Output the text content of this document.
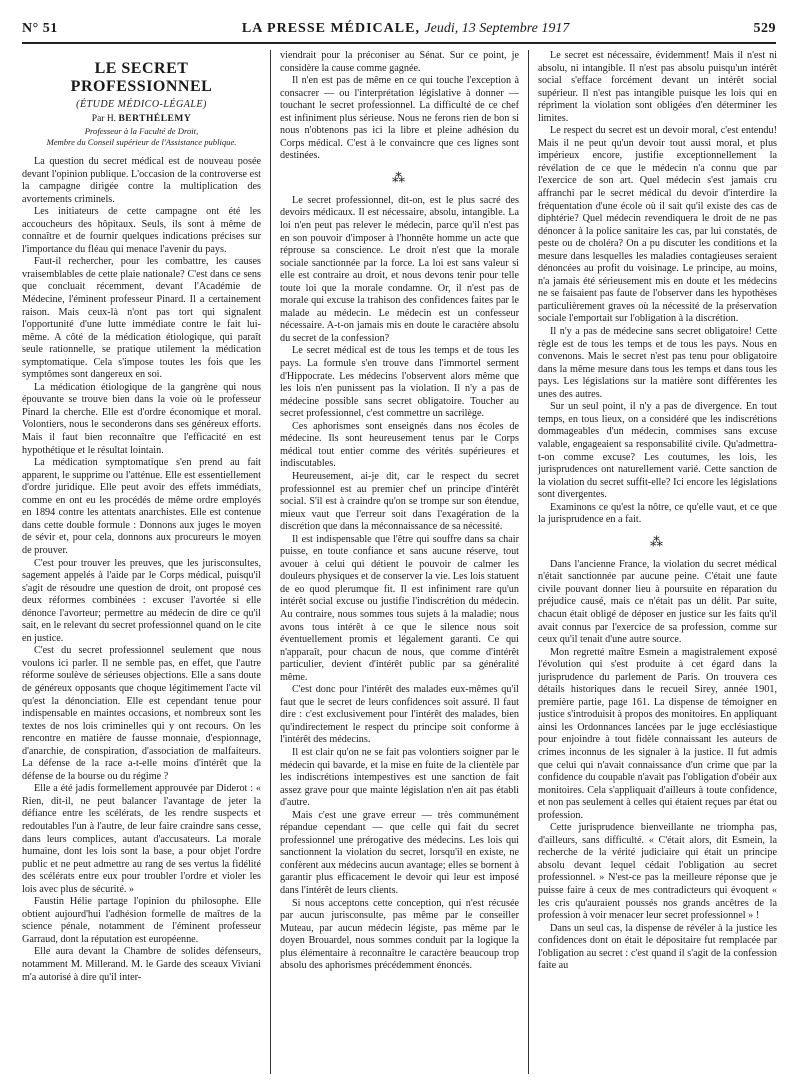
N° 51	LA PRESSE MÉDICALE, Jeudi, 13 Septembre 1917	529
LE SECRET PROFESSIONNEL
(ÉTUDE MÉDICO-LÉGALE)
Par H. BERTHÉLEMY

Professeur à la Faculté de Droit,

Membre du Conseil supérieur de l'Assistance publique.

La question du secret médical est de nouveau posée devant l'opinion publique. L'occasion de la controverse est la campagne dirigée contre la multiplication des avortements criminels.

Les initiateurs de cette campagne ont été les accoucheurs des hôpitaux. Seuls, ils sont à même de connaître et de fournir quelques indications précises sur l'importance du fléau qui menace l'avenir du pays.

Faut-il rechercher, pour les combattre, les causes vraisemblables de cette plaie nationale? C'est dans ce sens que concluait récemment, devant l'Académie de Médecine, l'éminent professeur Pinard. Il a certainement raison. Mais ceux-là n'ont pas tort qui signalent l'opportunité d'une lutte immédiate contre le fait lui-même. A côté de la médication étiologique, qui paraît seule rationnelle, se pratique utilement la médication symptomatique. Cela s'impose toutes les fois que les symptômes sont dangereux en soi.

La médication étiologique de la gangrène qui nous épouvante se trouve bien dans la voie où le professeur Pinard la cherche. Elle est d'ordre économique et moral. Volontiers, nous le seconderons dans ses généreux efforts. Mais il faut bien reconnaître que l'efficacité en est hypothétique et le résultat lointain.

La médication symptomatique s'en prend au fait apparent, le supprime ou l'atténue. Elle est essentiellement d'ordre juridique. Elle peut avoir des effets immédiats, comme en ont eu les procédés de même ordre employés en 1894 contre les attentats anarchistes. Elle est contenue dans cette double formule : Donnons aux juges le moyen de sévir et, pour cela, donnons aux procureurs le moyen de prouver.

C'est pour trouver les preuves, que les jurisconsultes, sagement appelés à l'aide par le Corps médical, puisqu'il s'agit de résoudre une question de droit, ont proposé ces deux réformes combinées : excuser l'avortée si elle dénonce l'avorteur; permettre au médecin de dire ce qu'il sait, en le relevant du secret professionnel quand on le cite en justice.

C'est du secret professionnel seulement que nous voulons ici parler. Il ne semble pas, en effet, que l'autre réforme soulève de sérieuses objections. Elle a sans doute de généreux opposants que choque légitimement l'acte vil qu'est la dénonciation. Elle est cependant tenue pour indispensable en maintes occasions, et nombreux sont les textes de nos lois criminelles qui y ont recours. On les rencontre en matière de fausse monnaie, d'espionnage, d'anarchie, de conspiration, d'association de malfaiteurs. La défense de la race a-t-elle moins d'intérêt que la défense de la bourse ou du régime ?

Elle a été jadis formellement approuvée par Diderot : « Rien, dit-il, ne peut balancer l'avantage de jeter la défiance entre les scélérats, de les rendre suspects et redoutables l'un à l'autre, de leur faire craindre sans cesse, dans leurs complices, autant d'accusateurs. La morale humaine, dont les lois sont la base, a pour objet l'ordre public et ne peut admettre au rang de ses vertus la fidélité des scélérats entre eux pour troubler l'ordre et violer les lois avec plus de sécurité. »

Faustin Hélie partage l'opinion du philosophe. Elle obtient aujourd'hui l'adhésion formelle de maîtres de la science pénale, notamment de l'éminent professeur Garraud, dont la réputation est européenne.

Elle aura devant la Chambre de solides défenseurs, notamment M. Millerand. M. le Garde des sceaux Viviani m'a autorisé à dire qu'il inter-

viendrait pour la préconiser au Sénat. Sur ce point, je considère la cause comme gagnée.

Il n'en est pas de même en ce qui touche l'exception à consacrer — ou l'interprétation législative à donner — touchant le secret professionnel. La difficulté de ce chef est infiniment plus sérieuse. Nous ne ferons rien de bon si nous n'obtenons pas ici la libre et pleine adhésion du Corps médical. C'est à le convaincre que ces lignes sont destinées.

⁂

Le secret professionnel, dit-on, est le plus sacré des devoirs médicaux. Il est nécessaire, absolu, intangible. La loi n'en peut pas relever le médecin, parce qu'il n'est pas en son pouvoir d'imposer à l'honnête homme un acte que réprouse sa conscience. Le droit n'est que la morale sociale sanctionnée par la force. La loi est sans valeur si elle est contraire au droit, et nous devons tenir pour telle toute loi que la morale condamne. Or, il n'est pas de morale qui excuse la trahison des confidences faites par le malade au médecin. Le médecin est un confesseur nécessaire. A-t-on jamais mis en doute le caractère absolu du secret de la confession?

Le secret médical est de tous les temps et de tous les pays. La formule s'en trouve dans l'immortel serment d'Hippocrate. Les médecins l'observent alors même que les lois n'en punissent pas la violation. Il n'y a pas de médecine possible sans secret obligatoire. Toucher au secret professionnel, c'est commettre un sacrilège.

Ces aphorismes sont enseignés dans nos écoles de médecine. Ils sont heureusement tenus par le Corps médical tout entier comme des vérités supérieures et indiscutables.

Heureusement, ai-je dit, car le respect du secret professionnel est au premier chef un principe d'intérêt social. S'il est à craindre qu'on se trompe sur son étendue, mieux vaut que l'erreur soit dans l'exagération de la discrétion que dans la méconnaissance de sa nécessité.

Il est indispensable que l'être qui souffre dans sa chair puisse, en toute confiance et sans aucune réserve, tout avouer à celui qui détient le pouvoir de calmer les douleurs physiques et de conserver la vie. Les lois statuent de eo quod plerumque fit. Il est infiniment rare qu'un intérêt social excuse ou justifie l'indiscrétion du médecin. Au contraire, nous sommes tous sujets à la maladie; nous avons tous intérêt à ce que le silence nous soit éventuellement promis et légalement garanti. Ce qui n'apparaît, pour chacun de nous, que comme d'intérêt particulier, devient d'intérêt public par sa généralité même.

C'est donc pour l'intérêt des malades eux-mêmes qu'il faut que le secret de leurs confidences soit assuré. Il faut dire : c'est exclusivement pour l'intérêt des malades, bien qu'indirectement le respect du principe soit conforme à l'intérêt des médecins.

Il est clair qu'on ne se fait pas volontiers soigner par le médecin qui bavarde, et la mise en fuite de la clientèle par les indiscrétions intempestives est une sanction de fait assez grave pour que mainte législation n'en ait pas établi d'autre.

Mais c'est une grave erreur — très communément répandue cependant — que celle qui fait du secret professionnel une prérogative des médecins. Les lois qui sanctionnent la violation du secret, lorsqu'il en existe, ne confèrent aux médecins aucun avantage; elles se bornent à garantir plus efficacement le devoir qui leur est imposé dans l'intérêt de leurs clients.

Si nous acceptons cette conception, qui n'est récusée par aucun jurisconsulte, pas même par le conseiller Muteau, par aucun médecin légiste, pas même par le doyen Brouardel, nous sommes conduit par la logique la plus élémentaire à reconnaître le caractère beaucoup trop absolu des aphorismes précédemment énoncés.

Le secret est nécessaire, évidemment! Mais il n'est ni absolu, ni intangible. Il n'est pas absolu puisqu'un intérêt social s'efface forcément devant un intérêt social supérieur. Il n'est pas intangible puisque les lois qui en répriment la violation sont obligées d'en déterminer les limites.

Le respect du secret est un devoir moral, c'est entendu! Mais il ne peut qu'un devoir tout aussi moral, et plus impérieux encore, justifie exceptionnellement la révélation de ce que le médecin n'a connu que par l'exercice de son art. Quel médecin s'est jamais cru affranchi par le secret médical du devoir d'interdire la fréquentation d'une école où il sait qu'il existe des cas de diphtérie? Quel médecin revendiquera le droit de ne pas dénoncer à la police sanitaire les cas, par lui constatés, de peste ou de choléra? On a pu discuter les conditions et la mesure dans lesquelles les maladies contagieuses seraient dénoncées au profit du voisinage. Le principe, au moins, n'a jamais été sérieusement mis en doute et les médecins ne se faisaient pas faute de l'observer dans les hypothèses particulièrement graves où la nécessité de la préservation sociale l'emportait sur l'obligation à la discrétion.

Il n'y a pas de médecine sans secret obligatoire! Cette règle est de tous les temps et de tous les pays. Nous en convenons. Mais le secret n'est pas tenu pour obligatoire dans la même mesure dans tous les temps et dans tous les pays. Les législations sur la matière sont différentes les unes des autres.

Sur un seul point, il n'y a pas de divergence. En tout temps, en tous lieux, on a considéré que les indiscrétions dommageables d'un médecin, commises sans excuse valable, engageaient sa responsabilité civile. Qu'admettra-t-on comme excuse? Les coutumes, les lois, les jurisprudences ont naturellement varié. Cette sanction de la violation du secret suffit-elle? Ici encore les législations sont divergentes.

Examinons ce qu'est la nôtre, ce qu'elle vaut, et ce que la jurisprudence en a fait.

⁂

Dans l'ancienne France, la violation du secret médical n'était sanctionnée par aucune peine. C'était une faute civile pouvant donner lieu à poursuite en réparation du préjudice causé, mais ce n'était pas un délit. Par suite, chacun était obligé de déposer en justice sur les faits qu'il avait connus par l'exercice de sa profession, comme sur ceux qu'il tenait d'une autre source.

Mon regretté maître Esmein a magistralement exposé l'évolution qui s'est produite à cet égard dans la jurisprudence du parlement de Paris. On trouvera ces détails historiques dans le recueil Sirey, année 1901, première partie, page 161. La dispense de témoigner en justice s'introduisit à propos des monitoires. En appliquant ainsi les Ordonnances lancées par le juge ecclésiastique pour enjoindre à tout fidèle connaissant les auteurs de crimes inconnus de les signaler à la justice. Il fut admis que celui qui n'avait connaissance d'un crime que par la confidence du coupable n'avait pas l'obligation d'obéir aux monitoires. Cela s'appliquait d'ailleurs à toute confidence, et non pas seulement à celles qui étaient reçues par état ou profession.

Cette jurisprudence bienveillante ne triompha pas, d'ailleurs, sans difficulté. « C'était alors, dit Esmein, la recherche de la vérité judiciaire qui était un principe absolu devant lequel cédait l'obligation au secret professionnel. » N'est-ce pas la meilleure réponse que je puisse faire à ceux de mes contradicteurs qui évoquent « les cris qu'auraient poussés nos grands ancêtres de la profession à voir menacer leur secret professionnel » !

Dans un seul cas, la dispense de révéler à la justice les confidences dont on était le dépositaire fut remplacée par l'obligation au secret : c'est quand il s'agit de la confession faite au
